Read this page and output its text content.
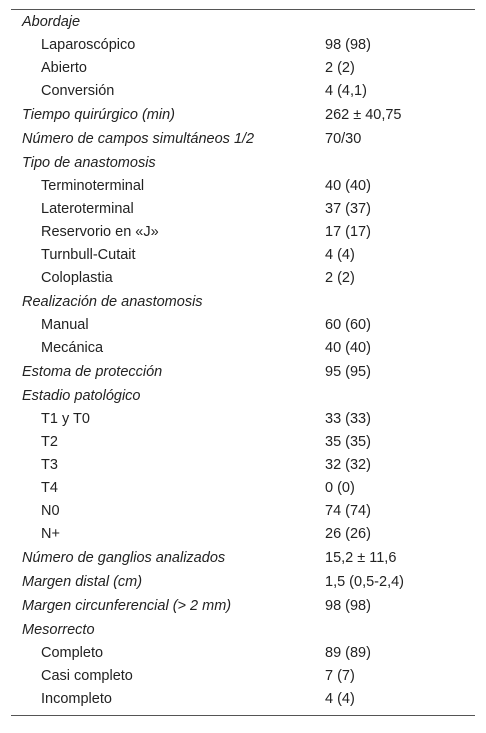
Abordaje
Laparoscópico	98 (98)
Abierto	2 (2)
Conversión	4 (4,1)
Tiempo quirúrgico (min)	262 ± 40,75
Número de campos simultáneos 1/2	70/30
Tipo de anastomosis
Terminoterminal	40 (40)
Lateroterminal	37 (37)
Reservorio en «J»	17 (17)
Turnbull-Cutait	4 (4)
Coloplastia	2 (2)
Realización de anastomosis
Manual	60 (60)
Mecánica	40 (40)
Estoma de protección	95 (95)
Estadio patológico
T1 y T0	33 (33)
T2	35 (35)
T3	32 (32)
T4	0 (0)
N0	74 (74)
N+	26 (26)
Número de ganglios analizados	15,2 ± 11,6
Margen distal (cm)	1,5 (0,5-2,4)
Margen circunferencial (> 2 mm)	98 (98)
Mesorrecto
Completo	89 (89)
Casi completo	7 (7)
Incompleto	4 (4)
